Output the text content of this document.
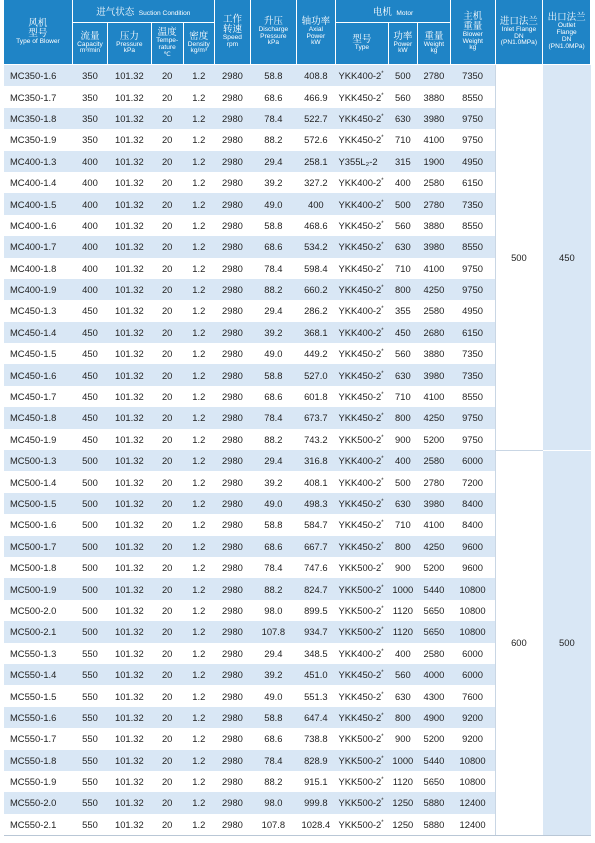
风机
型号
Type of Blower	进气状态 Suction Condition				工作
转速
Speed
rpm	升压
Discharge
Pressure
kPa	轴功率
Axial
Power
kW	电机 Motor			主机
重量
Blower
Weight
kg	进口法兰
Inlet Flange
DN
(PN1.0MPa)	出口法兰
Outlet
Flange
DN
(PN1.0MPa)

	流量
Capacity
m³/min	压力
Pressure
kPa	温度
Tempe-
rature
℃	密度
Density
kg/m³				型号
Type	功率
Power
kW	重量
Weight
kg			

MC350-1.6	350	101.32	20	1.2	2980	58.8	408.8	YKK400-2*	500	2780	7350	500	450
MC350-1.7	350	101.32	20	1.2	2980	68.6	466.9	YKK450-2*	560	3880	8550		
MC350-1.8	350	101.32	20	1.2	2980	78.4	522.7	YKK450-2*	630	3980	9750		
MC350-1.9	350	101.32	20	1.2	2980	88.2	572.6	YKK450-2*	710	4100	9750		
MC400-1.3	400	101.32	20	1.2	2980	29.4	258.1	Y355L₂-2	315	1900	4950		
MC400-1.4	400	101.32	20	1.2	2980	39.2	327.2	YKK400-2*	400	2580	6150		
MC400-1.5	400	101.32	20	1.2	2980	49.0	400	YKK400-2*	500	2780	7350		
MC400-1.6	400	101.32	20	1.2	2980	58.8	468.6	YKK450-2*	560	3880	8550		
MC400-1.7	400	101.32	20	1.2	2980	68.6	534.2	YKK450-2*	630	3980	8550		
MC400-1.8	400	101.32	20	1.2	2980	78.4	598.4	YKK450-2*	710	4100	9750		
MC400-1.9	400	101.32	20	1.2	2980	88.2	660.2	YKK450-2*	800	4250	9750		
MC450-1.3	450	101.32	20	1.2	2980	29.4	286.2	YKK400-2*	355	2580	4950		
MC450-1.4	450	101.32	20	1.2	2980	39.2	368.1	YKK400-2*	450	2680	6150		
MC450-1.5	450	101.32	20	1.2	2980	49.0	449.2	YKK450-2*	560	3880	7350		
MC450-1.6	450	101.32	20	1.2	2980	58.8	527.0	YKK450-2*	630	3980	7350		
MC450-1.7	450	101.32	20	1.2	2980	68.6	601.8	YKK450-2*	710	4100	8550		
MC450-1.8	450	101.32	20	1.2	2980	78.4	673.7	YKK450-2*	800	4250	9750		
MC450-1.9	450	101.32	20	1.2	2980	88.2	743.2	YKK500-2*	900	5200	9750		
MC500-1.3	500	101.32	20	1.2	2980	29.4	316.8	YKK400-2*	400	2580	6000	600	500
MC500-1.4	500	101.32	20	1.2	2980	39.2	408.1	YKK400-2*	500	2780	7200		
MC500-1.5	500	101.32	20	1.2	2980	49.0	498.3	YKK450-2*	630	3980	8400		
MC500-1.6	500	101.32	20	1.2	2980	58.8	584.7	YKK450-2*	710	4100	8400		
MC500-1.7	500	101.32	20	1.2	2980	68.6	667.7	YKK450-2*	800	4250	9600		
MC500-1.8	500	101.32	20	1.2	2980	78.4	747.6	YKK500-2*	900	5200	9600		
MC500-1.9	500	101.32	20	1.2	2980	88.2	824.7	YKK500-2*	1000	5440	10800		
MC500-2.0	500	101.32	20	1.2	2980	98.0	899.5	YKK500-2*	1120	5650	10800		
MC500-2.1	500	101.32	20	1.2	2980	107.8	934.7	YKK500-2*	1120	5650	10800		
MC550-1.3	550	101.32	20	1.2	2980	29.4	348.5	YKK400-2*	400	2580	6000		
MC550-1.4	550	101.32	20	1.2	2980	39.2	451.0	YKK450-2*	560	4000	6000		
MC550-1.5	550	101.32	20	1.2	2980	49.0	551.3	YKK450-2*	630	4300	7600		
MC550-1.6	550	101.32	20	1.2	2980	58.8	647.4	YKK450-2*	800	4900	9200		
MC550-1.7	550	101.32	20	1.2	2980	68.6	738.8	YKK500-2*	900	5200	9200		
MC550-1.8	550	101.32	20	1.2	2980	78.4	828.9	YKK500-2*	1000	5440	10800		
MC550-1.9	550	101.32	20	1.2	2980	88.2	915.1	YKK500-2*	1120	5650	10800		
MC550-2.0	550	101.32	20	1.2	2980	98.0	999.8	YKK500-2*	1250	5880	12400		
MC550-2.1	550	101.32	20	1.2	2980	107.8	1028.4	YKK500-2*	1250	5880	12400		
